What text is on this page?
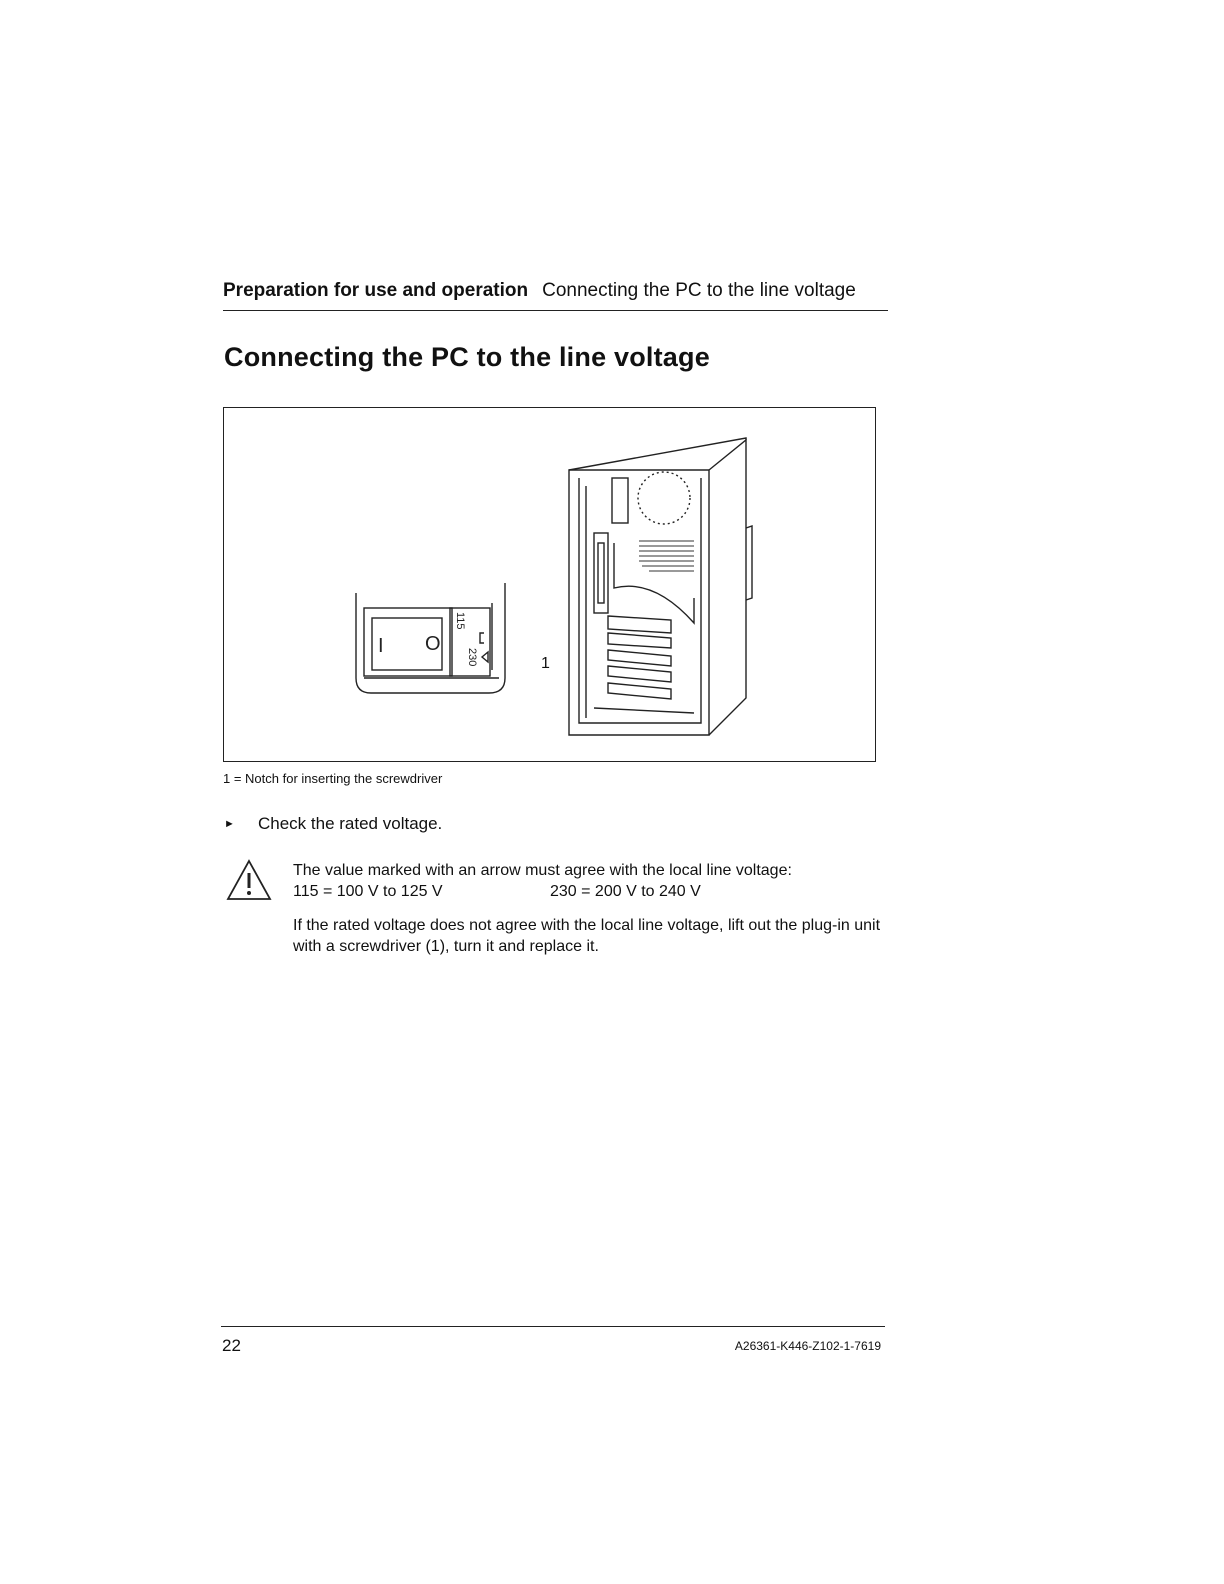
Preparation for use and operation Connecting the PC to the line voltage
Connecting the PC to the line voltage
I O
115
230	1
1 = Notch for inserting the screwdriver
► Check the rated voltage.
The value marked with an arrow must agree with the local line voltage:
115 = 100 V to 125 V	230 = 200 V to 240 V
If the rated voltage does not agree with the local line voltage, lift out the plug-in unit with a screwdriver (1), turn it and replace it.
22	A26361-K446-Z102-1-7619
